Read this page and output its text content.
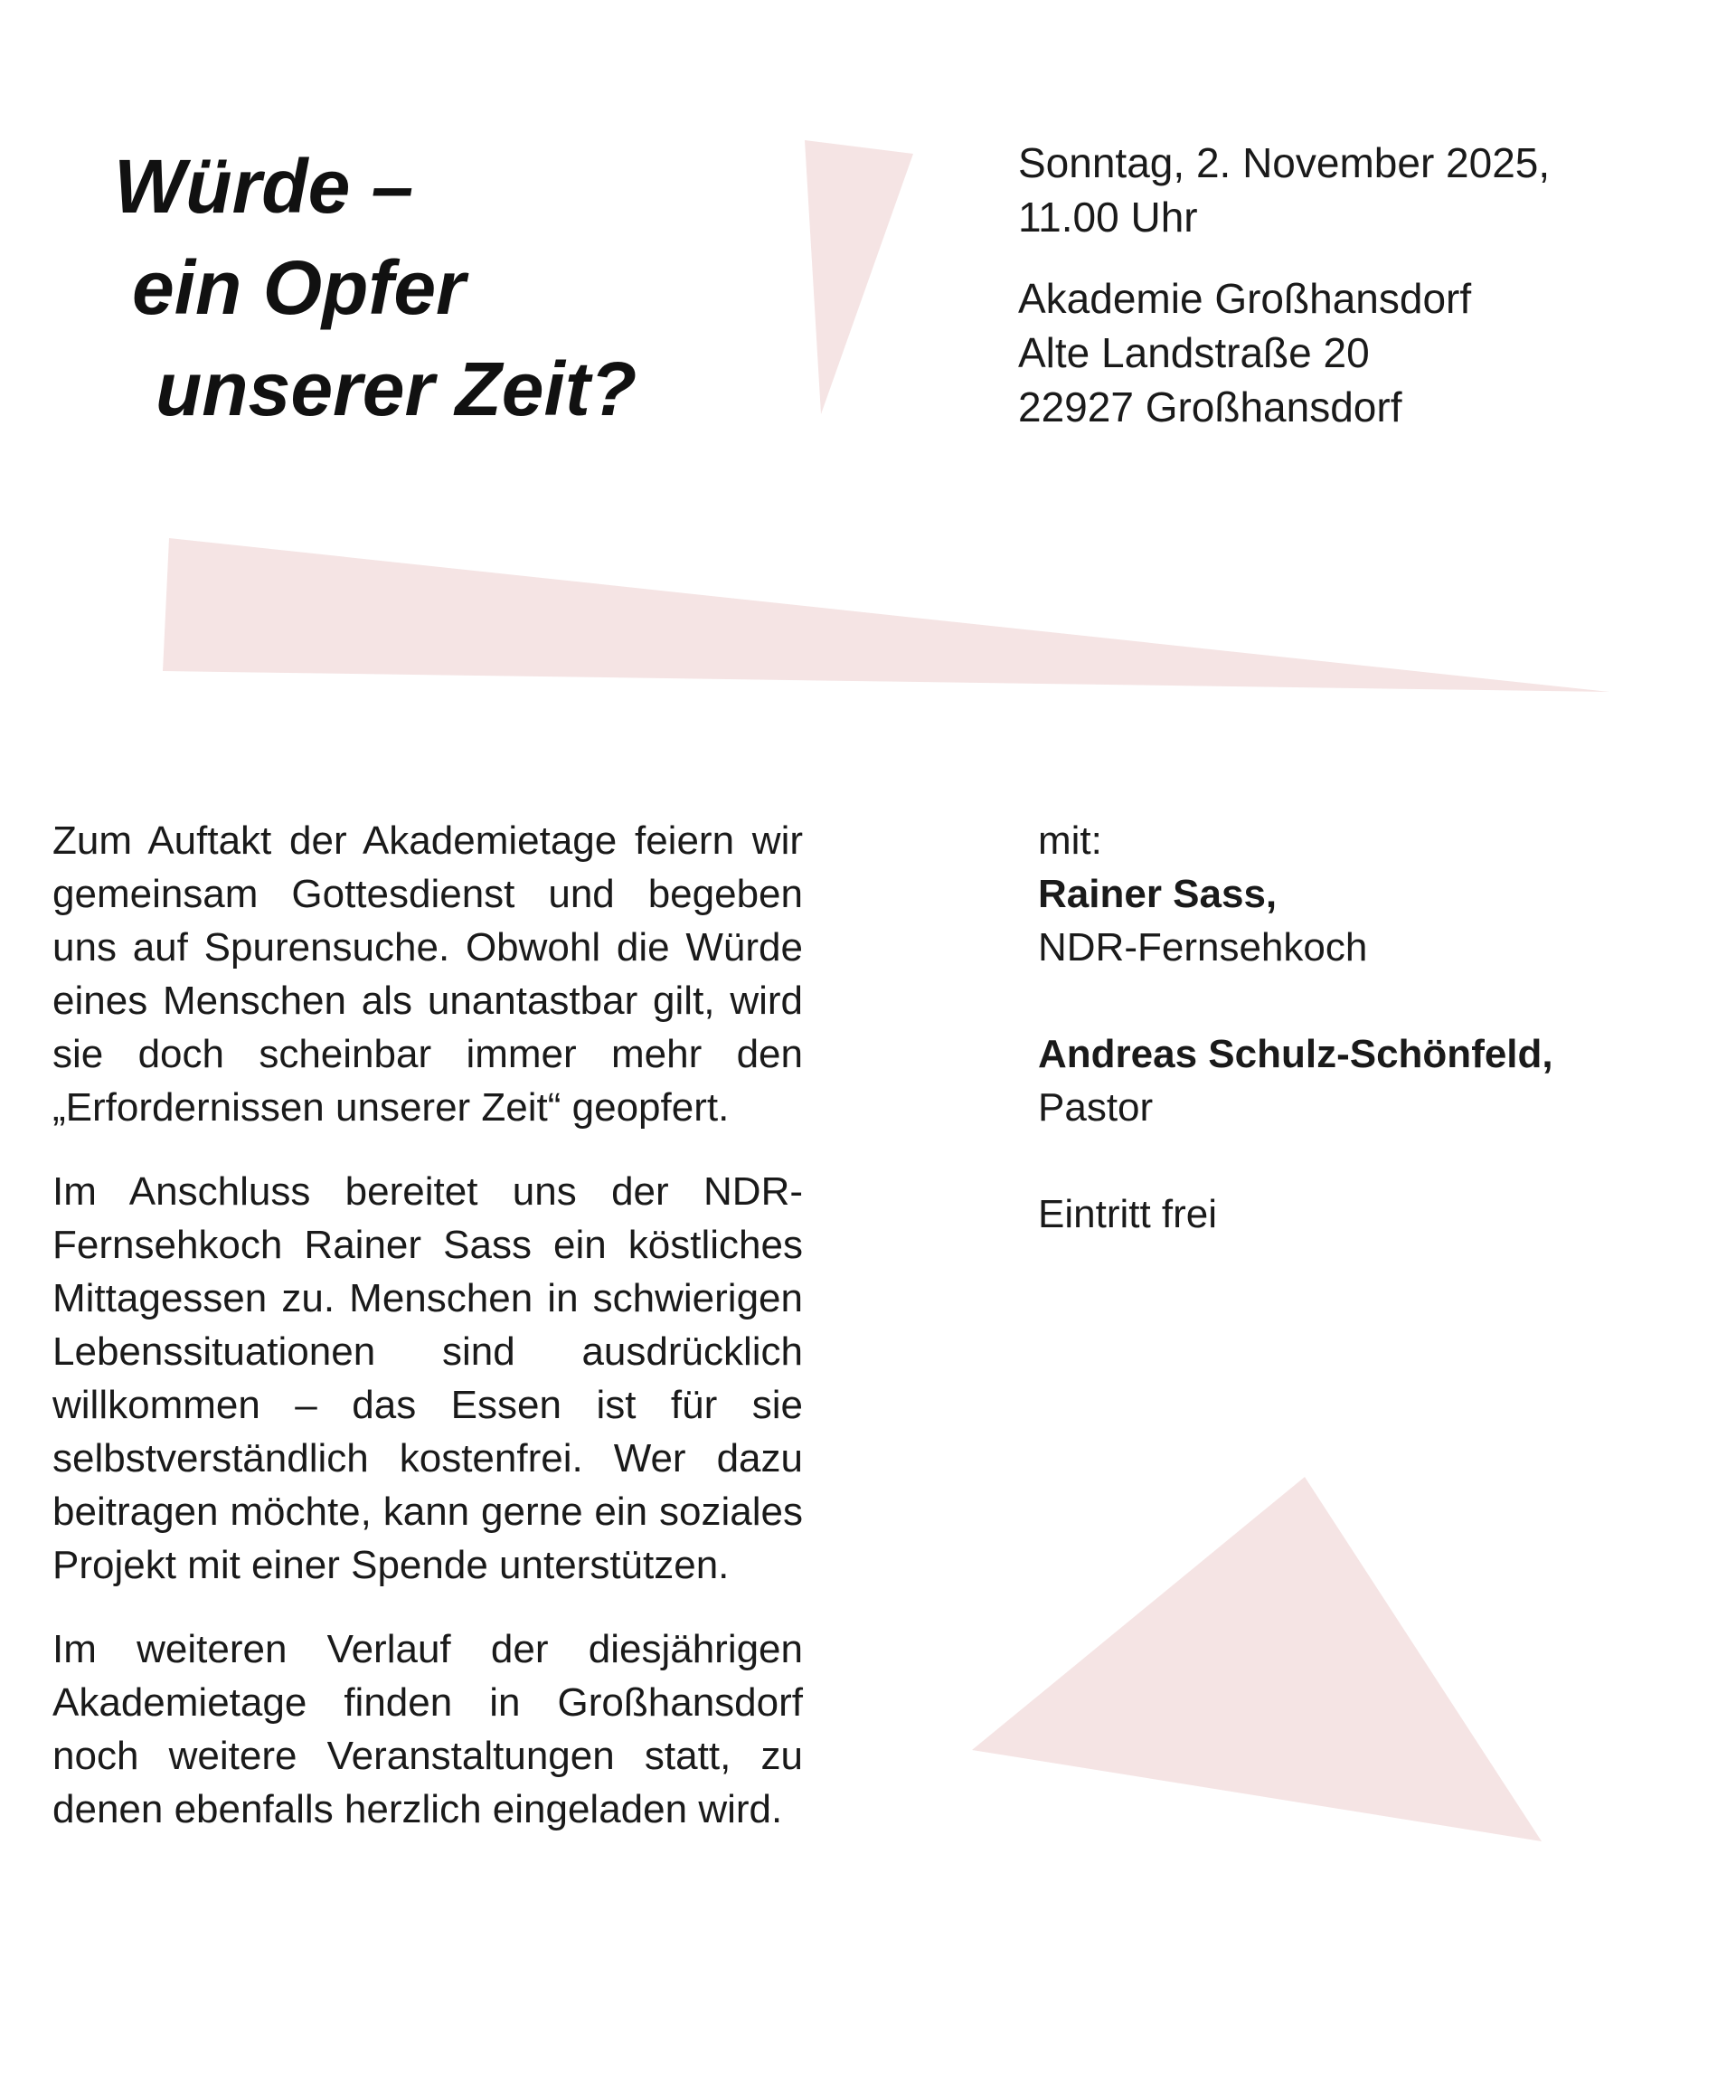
Würde –
ein Opfer
unserer Zeit?

Sonntag, 2. November 2025,

11.00 Uhr

Akademie Großhansdorf

Alte Landstraße 20

22927 Großhansdorf

Zum Auftakt der Akademietage feiern wir gemeinsam Gottesdienst und begeben uns auf Spurensuche. Obwohl die Würde eines Menschen als unantastbar gilt, wird sie doch scheinbar immer mehr den „Erfordernissen unserer Zeit“ geopfert.

Im Anschluss bereitet uns der NDR-Fernsehkoch Rainer Sass ein köstliches Mittagessen zu. Menschen in schwierigen Lebenssituationen sind ausdrücklich willkommen – das Essen ist für sie selbstverständlich kostenfrei. Wer dazu beitragen möchte, kann gerne ein soziales Projekt mit einer Spende unterstützen.

Im weiteren Verlauf der diesjährigen Akademietage finden in Großhansdorf noch weitere Veranstaltungen statt, zu denen ebenfalls herzlich eingeladen wird.

mit:

Rainer Sass,

NDR-Fernsehkoch

Andreas Schulz-Schönfeld,

Pastor

Eintritt frei
